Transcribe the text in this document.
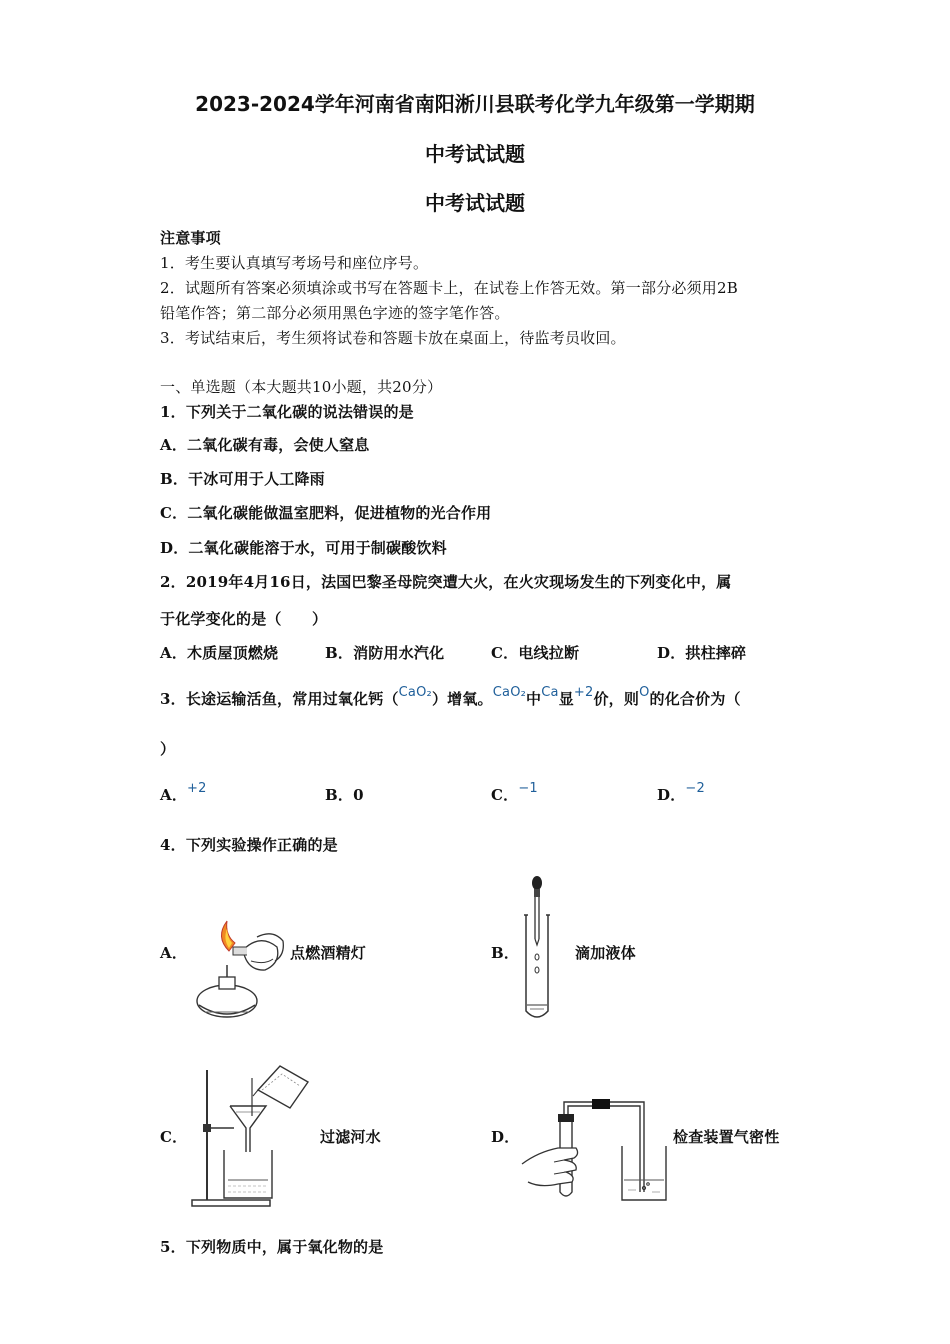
2023-2024学年河南省南阳淅川县联考化学九年级第一学期期
中考试试题
中考试试题
注意事项
1．考生要认真填写考场号和座位序号。
2．试题所有答案必须填涂或书写在答题卡上，在试卷上作答无效。第一部分必须用2B
铅笔作答；第二部分必须用黑色字迹的签字笔作答。
3．考试结束后，考生须将试卷和答题卡放在桌面上，待监考员收回。
一、单选题（本大题共10小题，共20分）
1．下列关于二氧化碳的说法错误的是
A．二氧化碳有毒，会使人窒息
B．干冰可用于人工降雨
C．二氧化碳能做温室肥料，促进植物的光合作用
D．二氧化碳能溶于水，可用于制碳酸饮料
2．2019年4月16日，法国巴黎圣母院突遭大火，在火灾现场发生的下列变化中，属
于化学变化的是（　　）
A．木质屋顶燃烧	B．消防用水汽化	C．电线拉断	D．拱柱摔碎
3．长途运输活鱼，常用过氧化钙（CaO₂）增氧。CaO₂中Ca显+2价，则O的化合价为（
）
A．+2	B．0	C．−1	D．−2
4．下列实验操作正确的是
A．	点燃酒精灯	B．	滴加液体
C．	过滤河水	D．	检查装置气密性
5．下列物质中，属于氧化物的是
